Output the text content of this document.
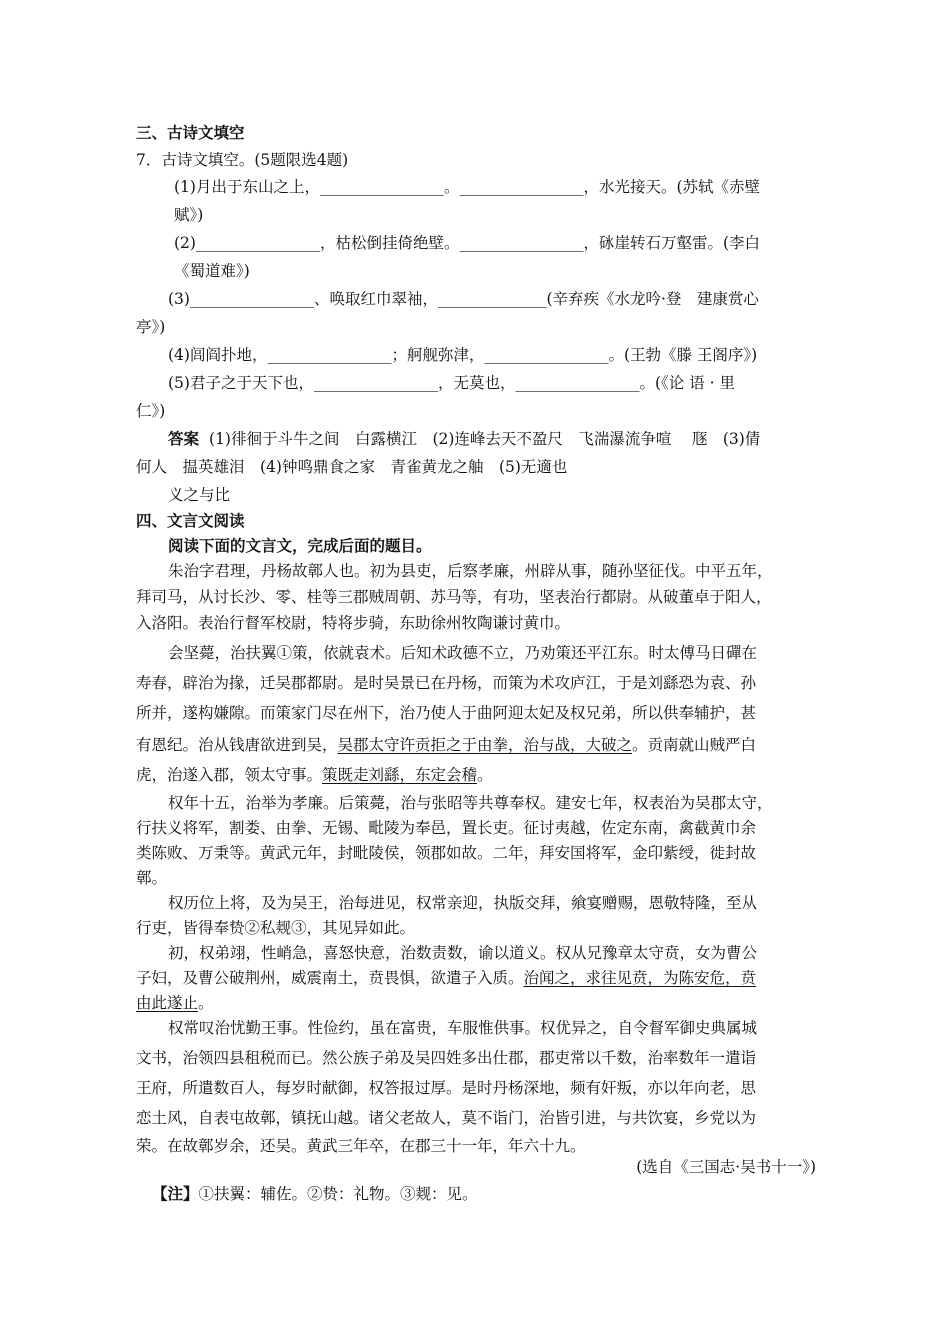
三、古诗文填空
7．古诗文填空。(5题限选4题)
(1)月出于东山之上，________________。________________，水光接天。(苏轼《赤壁
赋》)
(2)________________，枯松倒挂倚绝壁。________________，砯崖转石万壑雷。(李白
《蜀道难》)
(3)________________、唤取红巾翠袖，______________(辛弃疾《水龙吟·登　建康赏心
亭》)
(4)闾阎扑地，________________；舸舰弥津，________________。(王勃《滕 王阁序》)
(5)君子之于天下也，________________，无莫也，________________。(《论 语 · 里
仁》)
答案 (1)徘徊于斗牛之间　白露横江　(2)连峰去天不盈尺　飞湍瀑流争喧　 豗　(3)倩
何人　揾英雄泪　(4)钟鸣鼎食之家　青雀黄龙之舳　(5)无適也
义之与比
四、文言文阅读
阅读下面的文言文，完成后面的题目。
朱治字君理，丹杨故鄣人也。初为县吏，后察孝廉，州辟从事，随孙坚征伐。中平五年，
拜司马，从讨长沙、零、桂等三郡贼周朝、苏马等，有功，坚表治行都尉。从破董卓于阳人，
入洛阳。表治行督军校尉，特将步骑，东助徐州牧陶谦讨黄巾。
会坚薨，治扶翼①策，依就袁术。后知术政德不立，乃劝策还平江东。时太傅马日磾在
寿春，辟治为掾，迁吴郡都尉。是时吴景已在丹杨，而策为术攻庐江，于是刘繇恐为袁、孙
所并，遂构嫌隙。而策家门尽在州下，治乃使人于曲阿迎太妃及权兄弟，所以供奉辅护，甚
有恩纪。治从钱唐欲进到吴，吴郡太守许贡拒之于由拳，治与战，大破之。贡南就山贼严白
虎，治遂入郡，领太守事。策既走刘繇，东定会稽。
权年十五，治举为孝廉。后策薨，治与张昭等共尊奉权。建安七年，权表治为吴郡太守，
行扶义将军，割娄、由拳、无锡、毗陵为奉邑，置长吏。征讨夷越，佐定东南，禽截黄巾余
类陈败、万秉等。黄武元年，封毗陵侯，领郡如故。二年，拜安国将军，金印紫绶，徙封故
鄣。
权历位上将，及为吴王，治每进见，权常亲迎，执版交拜，飨宴赠赐，恩敬特隆，至从
行吏，皆得奉贽②私觌③，其见异如此。
初，权弟翊，性峭急，喜怒快意，治数责数，谕以道义。权从兄豫章太守贲，女为曹公
子妇，及曹公破荆州，威震南土，贲畏惧，欲遣子入质。治闻之，求往见贲，为陈安危，贲
由此遂止。
权常叹治忧勤王事。性俭约，虽在富贵，车服惟供事。权优异之，自令督军御史典属城
文书，治领四县租税而已。然公族子弟及吴四姓多出仕郡，郡吏常以千数，治率数年一遣诣
王府，所遣数百人，每岁时献御，权答报过厚。是时丹杨深地，频有奸叛，亦以年向老，思
恋土风，自表屯故鄣，镇抚山越。诸父老故人，莫不诣门，治皆引进，与共饮宴，乡党以为
荣。在故鄣岁余，还吴。黄武三年卒，在郡三十一年，年六十九。
(选自《三国志·吴书十一》)
【注】①扶翼：辅佐。②贽：礼物。③觌：见。
